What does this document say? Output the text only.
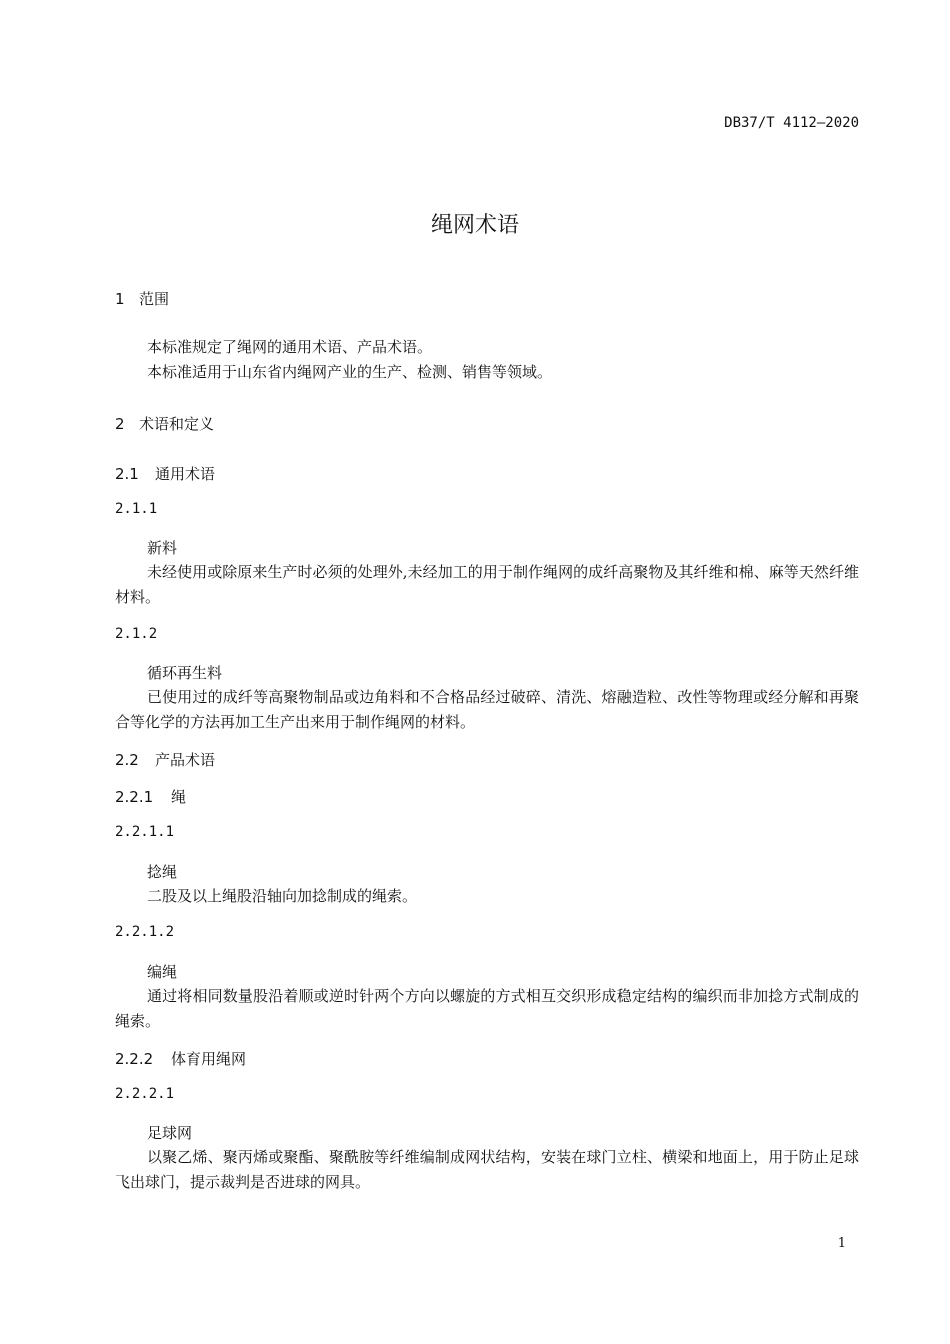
DB37/T 4112—2020
绳网术语
1 范围
本标准规定了绳网的通用术语、产品术语。
本标准适用于山东省内绳网产业的生产、检测、销售等领域。
2 术语和定义
2.1 通用术语
2.1.1
新料
未经使用或除原来生产时必须的处理外,未经加工的用于制作绳网的成纤高聚物及其纤维和棉、麻等天然纤维材料。
2.1.2
循环再生料
已使用过的成纤等高聚物制品或边角料和不合格品经过破碎、清洗、熔融造粒、改性等物理或经分解和再聚合等化学的方法再加工生产出来用于制作绳网的材料。
2.2 产品术语
2.2.1 绳
2.2.1.1
捻绳
二股及以上绳股沿轴向加捻制成的绳索。
2.2.1.2
编绳
通过将相同数量股沿着顺或逆时针两个方向以螺旋的方式相互交织形成稳定结构的编织而非加捻方式制成的绳索。
2.2.2 体育用绳网
2.2.2.1
足球网
以聚乙烯、聚丙烯或聚酯、聚酰胺等纤维编制成网状结构，安装在球门立柱、横梁和地面上，用于防止足球飞出球门，提示裁判是否进球的网具。
1
